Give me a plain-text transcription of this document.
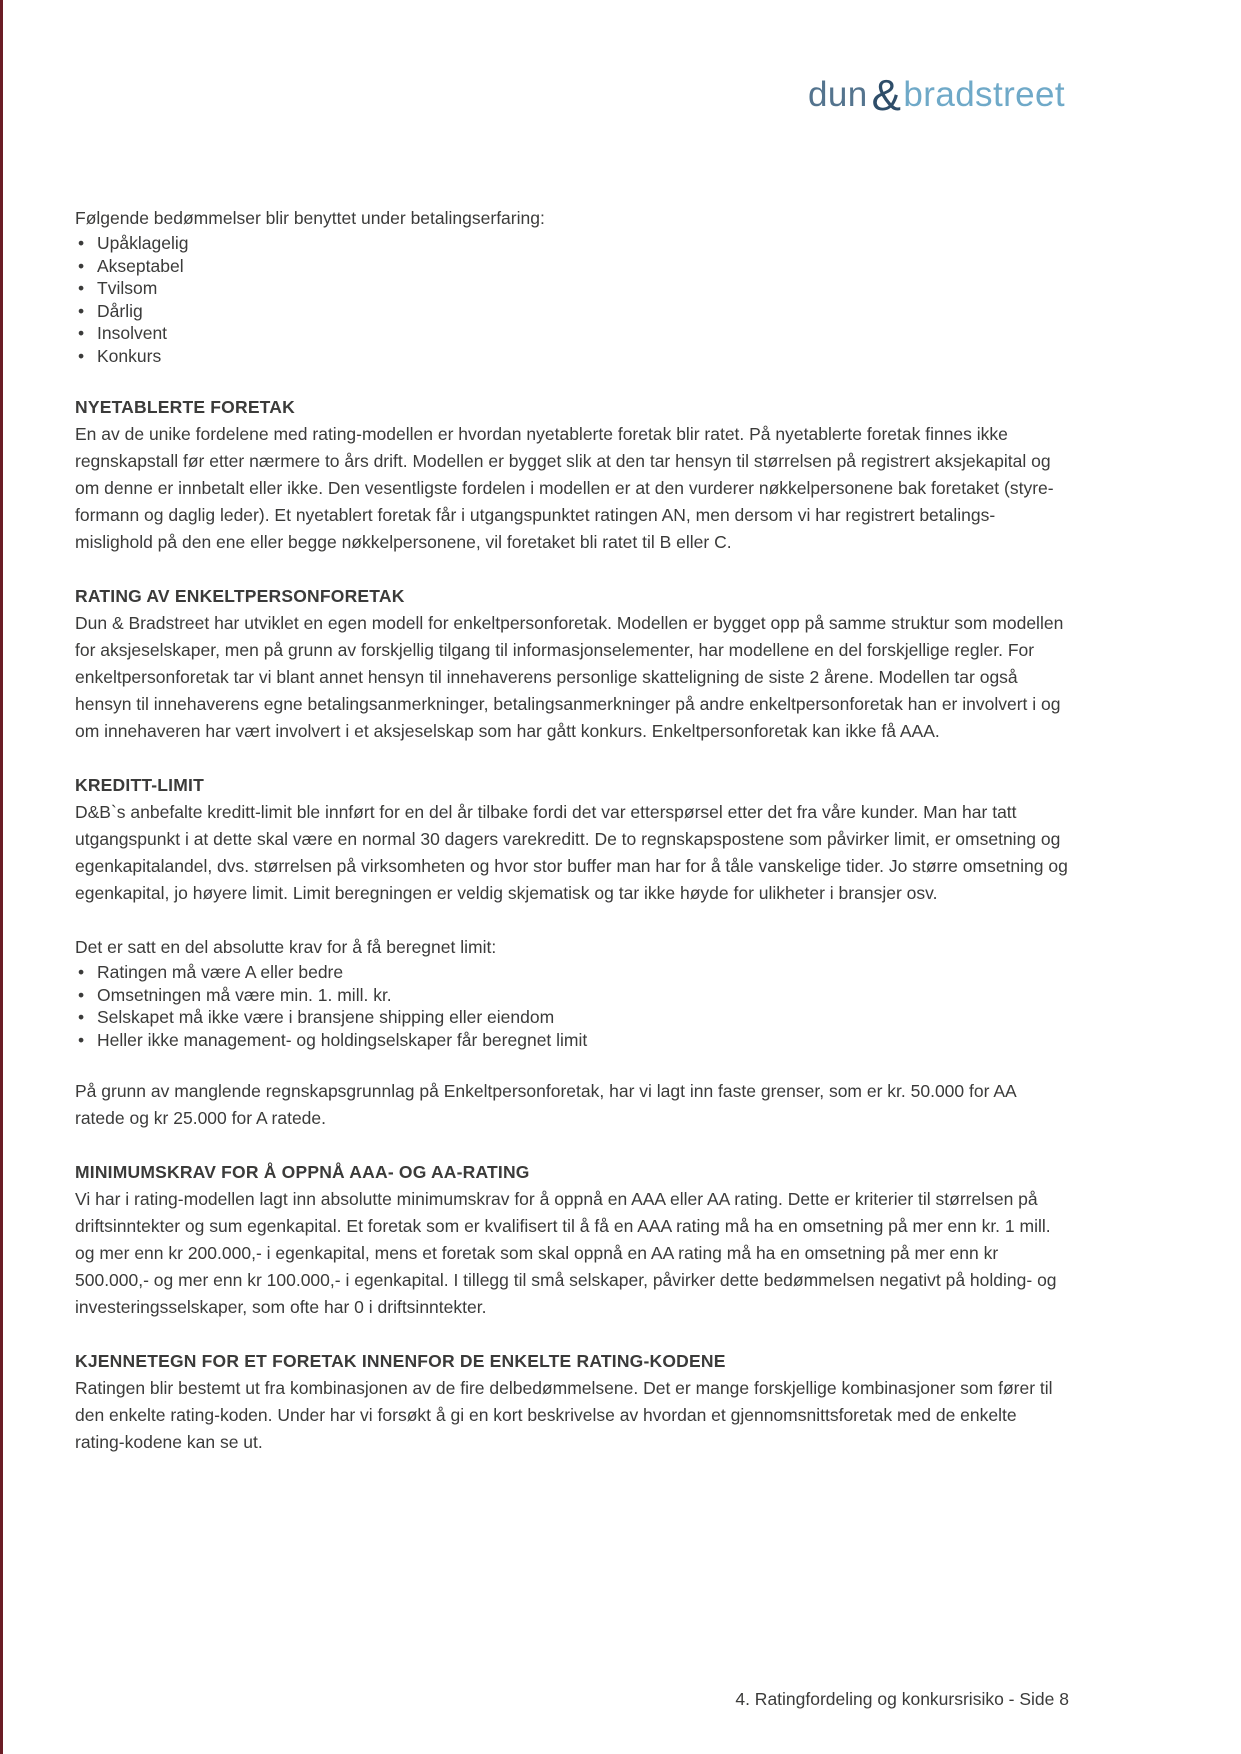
dun&bradstreet

Følgende bedømmelser blir benyttet under betalingserfaring:

• Upåklagelig
• Akseptabel
• Tvilsom
• Dårlig
• Insolvent
• Konkurs
NYETABLERTE FORETAK

En av de unike fordelene med rating-modellen er hvordan nyetablerte foretak blir ratet. På nyetablerte foretak finnes ikke regnskapstall før etter nærmere to års drift. Modellen er bygget slik at den tar hensyn til størrelsen på registrert aksjekapital og om denne er innbetalt eller ikke. Den vesentligste fordelen i modellen er at den vurderer nøkkelpersonene bak foretaket (styre- formann og daglig leder). Et nyetablert foretak får i utgangspunktet ratingen AN, men dersom vi har registrert betalings- mislighold på den ene eller begge nøkkelpersonene, vil foretaket bli ratet til B eller C.

RATING AV ENKELTPERSONFORETAK

Dun & Bradstreet har utviklet en egen modell for enkeltpersonforetak. Modellen er bygget opp på samme struktur som modellen for aksjeselskaper, men på grunn av forskjellig tilgang til informasjonselementer, har modellene en del forskjellige regler. For enkeltpersonforetak tar vi blant annet hensyn til innehaverens personlige skatteligning de siste 2 årene. Modellen tar også hensyn til innehaverens egne betalingsanmerkninger, betalingsanmerkninger på andre enkeltpersonforetak han er involvert i og om innehaveren har vært involvert i et aksjeselskap som har gått konkurs. Enkeltpersonforetak kan ikke få AAA.

KREDITT-LIMIT

D&B`s anbefalte kreditt-limit ble innført for en del år tilbake fordi det var etterspørsel etter det fra våre kunder. Man har tatt utgangspunkt i at dette skal være en normal 30 dagers varekreditt. De to regnskapspostene som påvirker limit, er omsetning og egenkapitalandel, dvs. størrelsen på virksomheten og hvor stor buffer man har for å tåle vanskelige tider. Jo større omsetning og egenkapital, jo høyere limit. Limit beregningen er veldig skjematisk og tar ikke høyde for ulikheter i bransjer osv.

Det er satt en del absolutte krav for å få beregnet limit:

• Ratingen må være A eller bedre
• Omsetningen må være min. 1. mill. kr.
• Selskapet må ikke være i bransjene shipping eller eiendom
• Heller ikke management- og holdingselskaper får beregnet limit

På grunn av manglende regnskapsgrunnlag på Enkeltpersonforetak, har vi lagt inn faste grenser, som er kr. 50.000 for AA ratede og kr 25.000 for A ratede.

MINIMUMSKRAV FOR Å OPPNÅ AAA- OG AA-RATING

Vi har i rating-modellen lagt inn absolutte minimumskrav for å oppnå en AAA eller AA rating. Dette er kriterier til størrelsen på driftsinntekter og sum egenkapital. Et foretak som er kvalifisert til å få en AAA rating må ha en omsetning på mer enn kr. 1 mill. og mer enn kr 200.000,- i egenkapital, mens et foretak som skal oppnå en AA rating må ha en omsetning på mer enn kr 500.000,- og mer enn kr 100.000,- i egenkapital. I tillegg til små selskaper, påvirker dette bedømmelsen negativt på holding- og investeringsselskaper, som ofte har 0 i driftsinntekter.

KJENNETEGN FOR ET FORETAK INNENFOR DE ENKELTE RATING-KODENE

Ratingen blir bestemt ut fra kombinasjonen av de fire delbedømmelsene. Det er mange forskjellige kombinasjoner som fører til den enkelte rating-koden. Under har vi forsøkt å gi en kort beskrivelse av hvordan et gjennomsnittsforetak med de enkelte rating-kodene kan se ut.

4. Ratingfordeling og konkursrisiko - Side 8
